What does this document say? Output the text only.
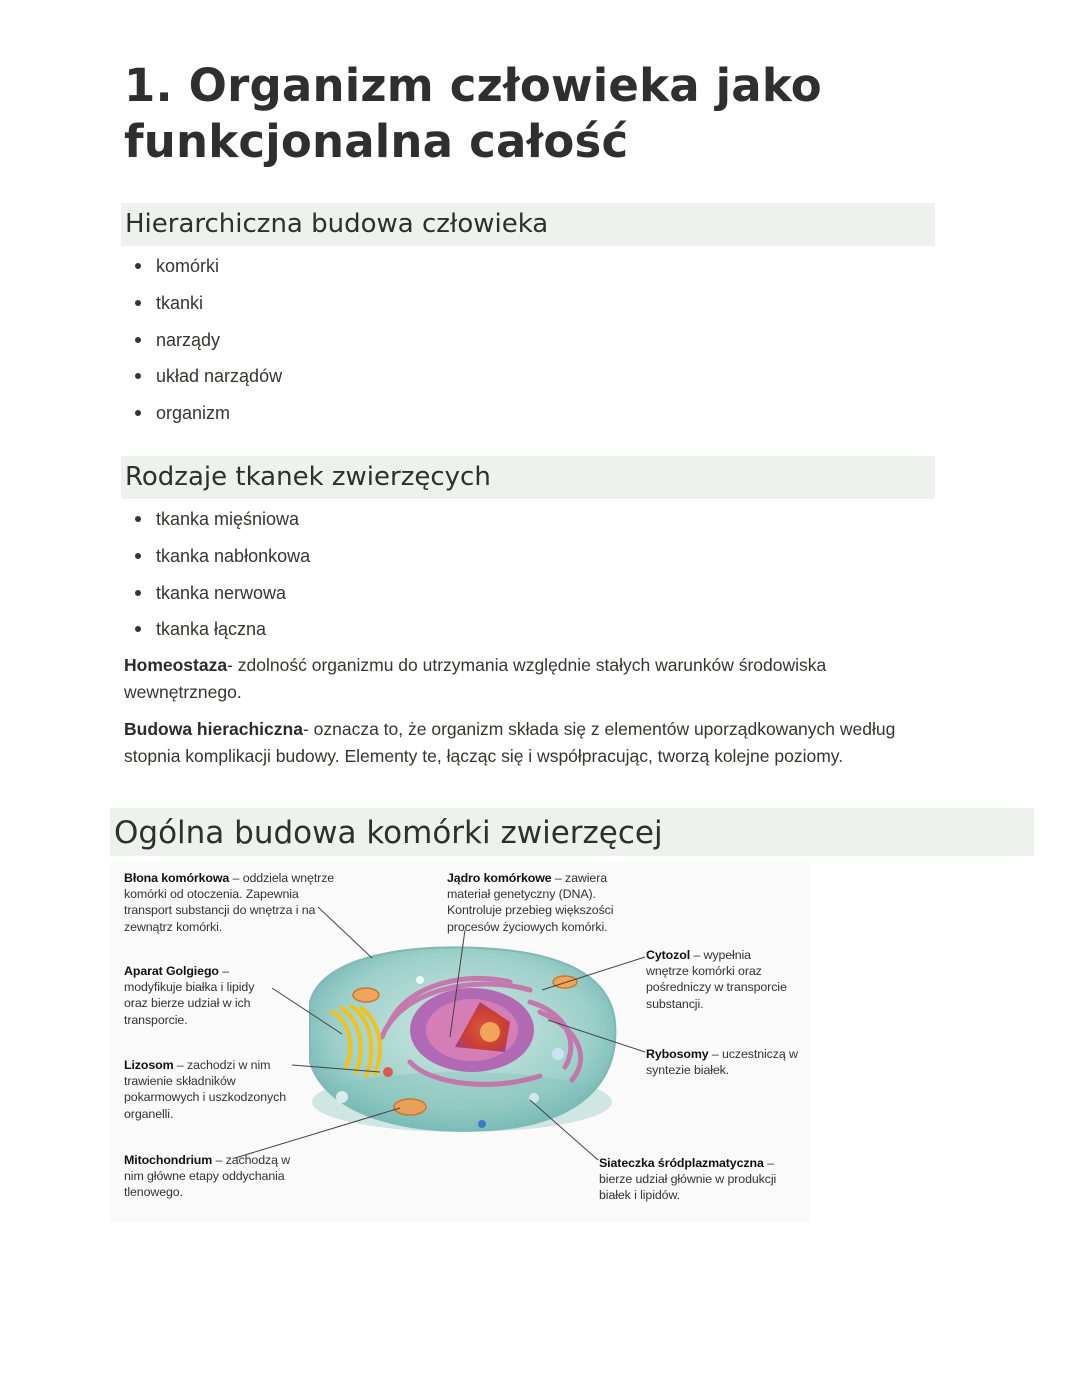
1. Organizm człowieka jako funkcjonalna całość
Hierarchiczna budowa człowieka
komórki
tkanki
narządy
układ narządów
organizm
Rodzaje tkanek zwierzęcych
tkanka mięśniowa
tkanka nabłonkowa
tkanka nerwowa
tkanka łączna

Homeostaza- zdolność organizmu do utrzymania względnie stałych warunków środowiska wewnętrznego.

Budowa hierachiczna- oznacza to, że organizm składa się z elementów uporządkowanych według stopnia komplikacji budowy. Elementy te, łącząc się i współpracując, tworzą kolejne poziomy.

Ogólna budowa komórki zwierzęcej
Błona komórkowa – oddziela wnętrze komórki od otoczenia. Zapewnia transport substancji do wnętrza i na zewnątrz komórki.
Jądro komórkowe – zawiera materiał genetyczny (DNA). Kontroluje przebieg większości procesów życiowych komórki.
Aparat Golgiego – modyfikuje białka i lipidy oraz bierze udział w ich transporcie.
Cytozol – wypełnia wnętrze komórki oraz pośredniczy w transporcie substancji.
Lizosom – zachodzi w nim trawienie składników pokarmowych i uszkodzonych organelli.
Rybosomy – uczestniczą w syntezie białek.
Mitochondrium – zachodzą w nim główne etapy oddychania tlenowego.
Siateczka śródplazmatyczna – bierze udział głównie w produkcji białek i lipidów.
